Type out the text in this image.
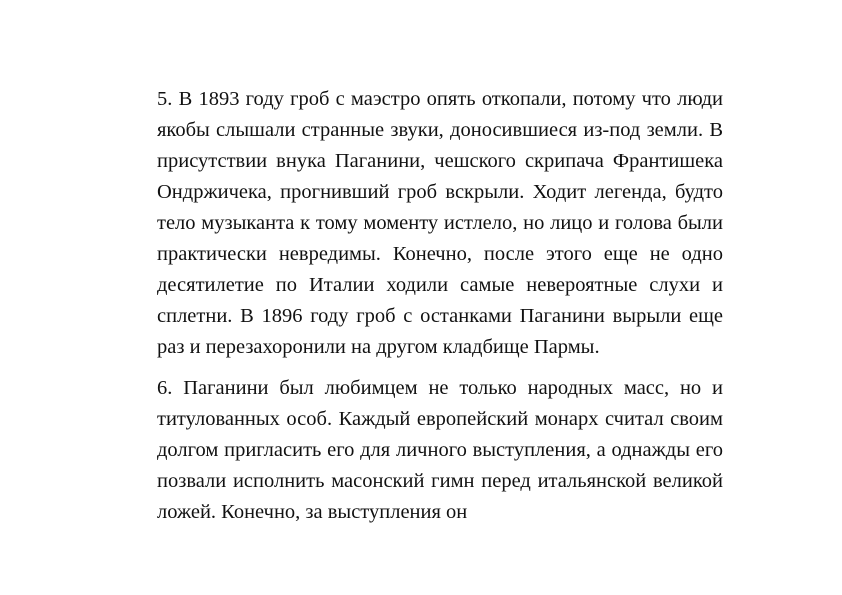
5. В 1893 году гроб с маэстро опять откопали, потому что люди якобы слышали странные звуки, доносившиеся из-под земли. В присутствии внука Паганини, чешского скрипача Франтишека Ондржичека, прогнивший гроб вскрыли. Ходит легенда, будто тело музыканта к тому моменту истлело, но лицо и голова были практически невредимы. Конечно, после этого еще не одно десятилетие по Италии ходили самые невероятные слухи и сплетни. В 1896 году гроб с останками Паганини вырыли еще раз и перезахоронили на другом кладбище Пармы.

6. Паганини был любимцем не только народных масс, но и титулованных особ. Каждый европейский монарх считал своим долгом пригласить его для личного выступления, а однажды его позвали исполнить масонский гимн перед итальянской великой ложей. Конечно, за выступления он
